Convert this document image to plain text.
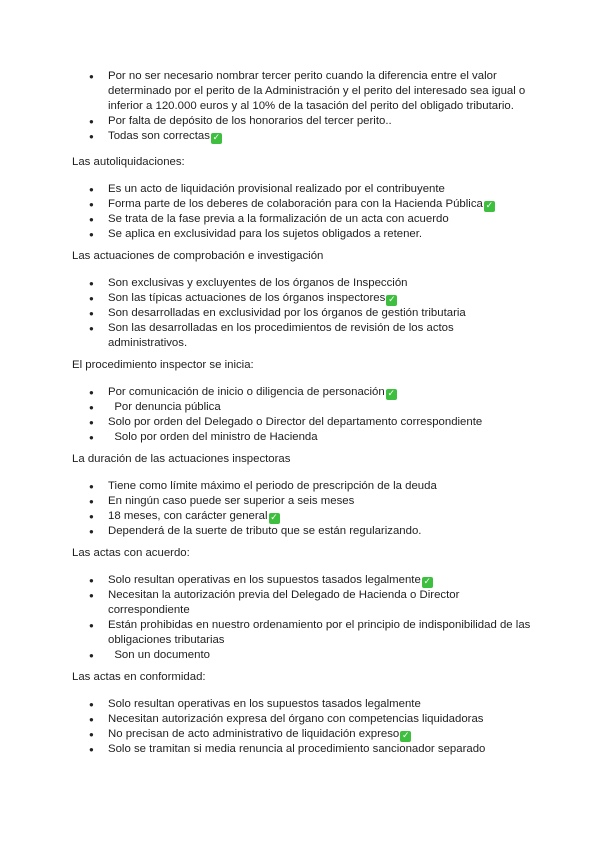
● Por no ser necesario nombrar tercer perito cuando la diferencia entre el valor determinado por el perito de la Administración y el perito del interesado sea igual o inferior a 120.000 euros y al 10% de la tasación del perito del obligado tributario.
● Por falta de depósito de los honorarios del tercer perito..
● Todas son correctas ✓
Las autoliquidaciones:
● Es un acto de liquidación provisional realizado por el contribuyente
● Forma parte de los deberes de colaboración para con la Hacienda Pública ✓
● Se trata de la fase previa a la formalización de un acta con acuerdo
● Se aplica en exclusividad para los sujetos obligados a retener.
Las actuaciones de comprobación e investigación
● Son exclusivas y excluyentes de los órganos de Inspección
● Son las típicas actuaciones de los órganos inspectores ✓
● Son desarrolladas en exclusividad por los órganos de gestión tributaria
● Son las desarrolladas en los procedimientos de revisión de los actos administrativos.
El procedimiento inspector se inicia:
● Por comunicación de inicio o diligencia de personación ✓
●   Por denuncia pública
● Solo por orden del Delegado o Director del departamento correspondiente
●   Solo por orden del ministro de Hacienda
La duración de las actuaciones inspectoras
● Tiene como límite máximo el periodo de prescripción de la deuda
● En ningún caso puede ser superior a seis meses
● 18 meses, con carácter general ✓
● Dependerá de la suerte de tributo que se están regularizando.
Las actas con acuerdo:
● Solo resultan operativas en los supuestos tasados legalmente ✓
● Necesitan la autorización previa del Delegado de Hacienda o Director correspondiente
● Están prohibidas en nuestro ordenamiento por el principio de indisponibilidad de las obligaciones tributarias
●   Son un documento
Las actas en conformidad:
● Solo resultan operativas en los supuestos tasados legalmente
● Necesitan autorización expresa del órgano con competencias liquidadoras
● No precisan de acto administrativo de liquidación expreso ✓
● Solo se tramitan si media renuncia al procedimiento sancionador separado
